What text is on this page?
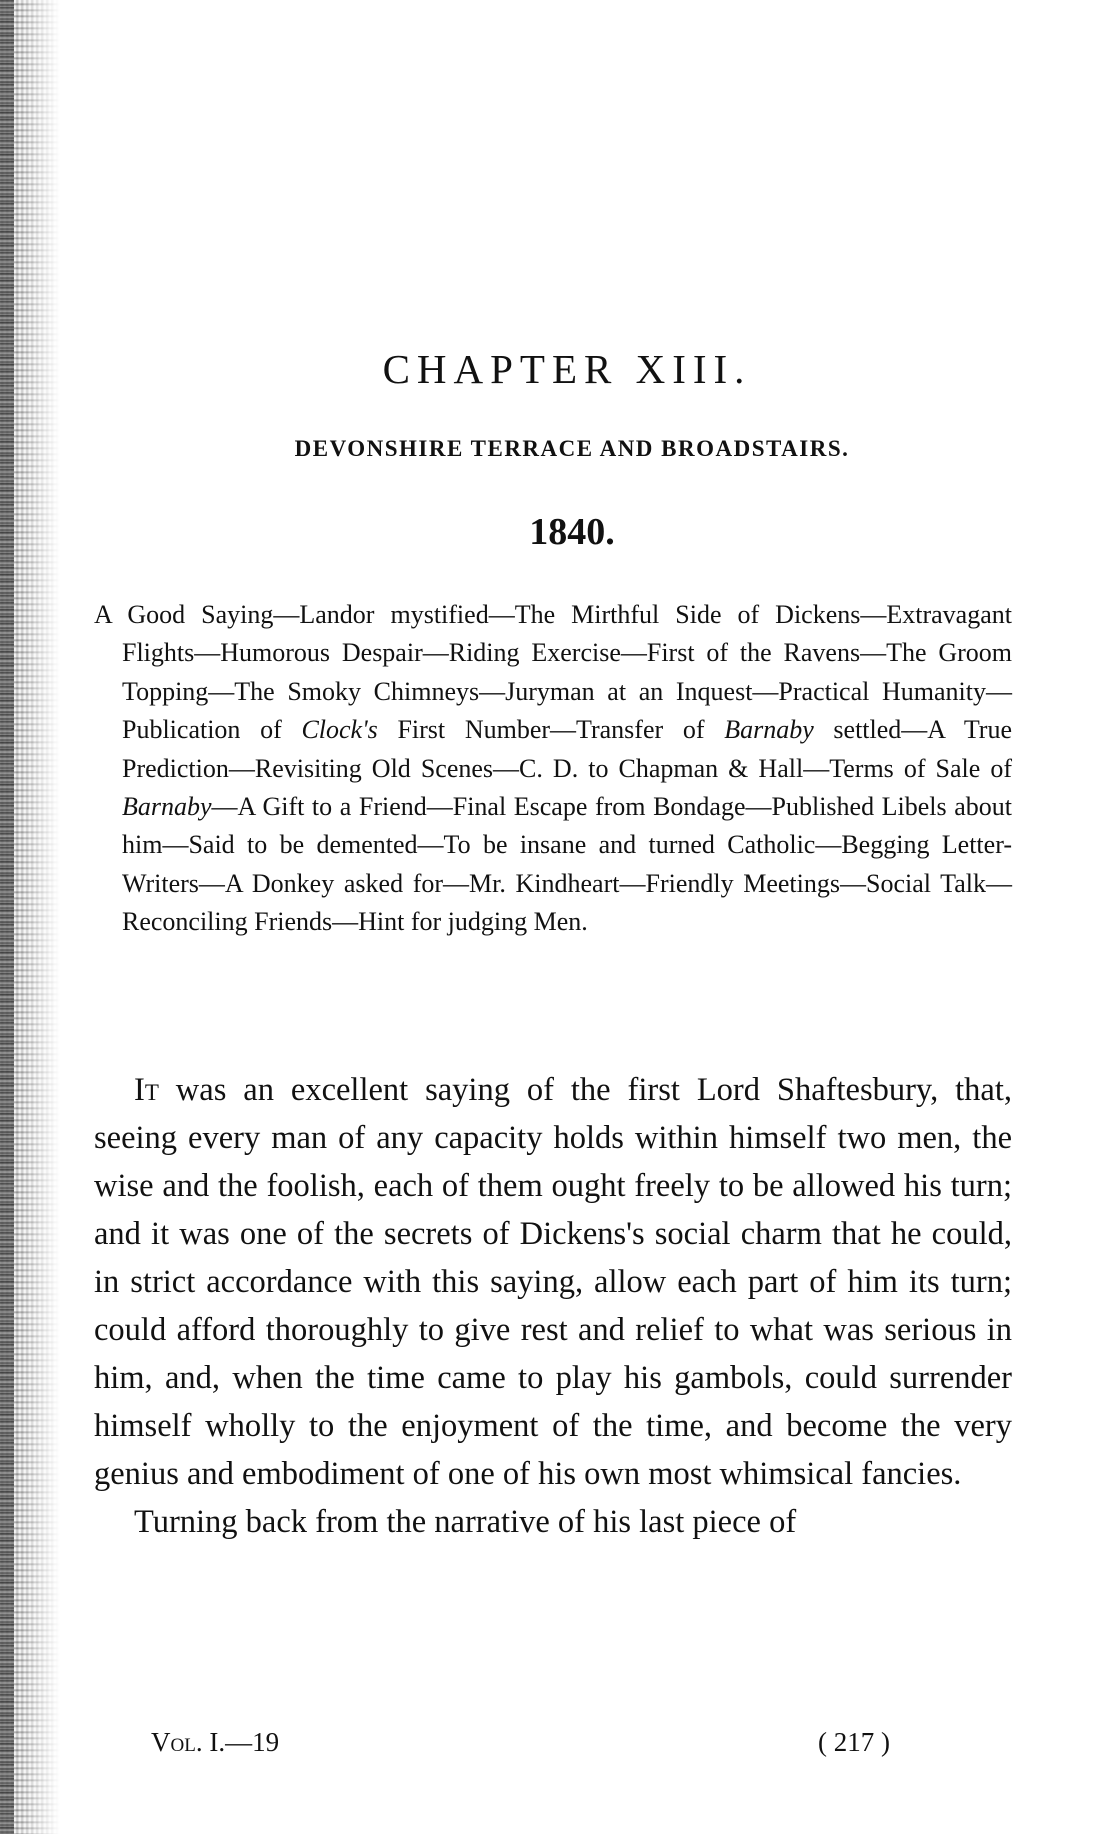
CHAPTER XIII.
DEVONSHIRE TERRACE AND BROADSTAIRS.
1840.
A Good Saying—Landor mystified—The Mirthful Side of Dickens—Extravagant Flights—Humorous Despair—Riding Exercise—First of the Ravens—The Groom Topping—The Smoky Chimneys—Juryman at an Inquest—Practical Humanity—Publication of Clock's First Number—Transfer of Barnaby settled—A True Prediction—Revisiting Old Scenes—C. D. to Chapman & Hall—Terms of Sale of Barnaby—A Gift to a Friend—Final Escape from Bondage—Published Libels about him—Said to be demented—To be insane and turned Catholic—Begging Letter-Writers—A Donkey asked for—Mr. Kindheart—Friendly Meetings—Social Talk—Reconciling Friends—Hint for judging Men.

It was an excellent saying of the first Lord Shaftesbury, that, seeing every man of any capacity holds within himself two men, the wise and the foolish, each of them ought freely to be allowed his turn; and it was one of the secrets of Dickens's social charm that he could, in strict accordance with this saying, allow each part of him its turn; could afford thoroughly to give rest and relief to what was serious in him, and, when the time came to play his gambols, could surrender himself wholly to the enjoyment of the time, and become the very genius and embodiment of one of his own most whimsical fancies.

Turning back from the narrative of his last piece of

Vol. I.—19	( 217 )
